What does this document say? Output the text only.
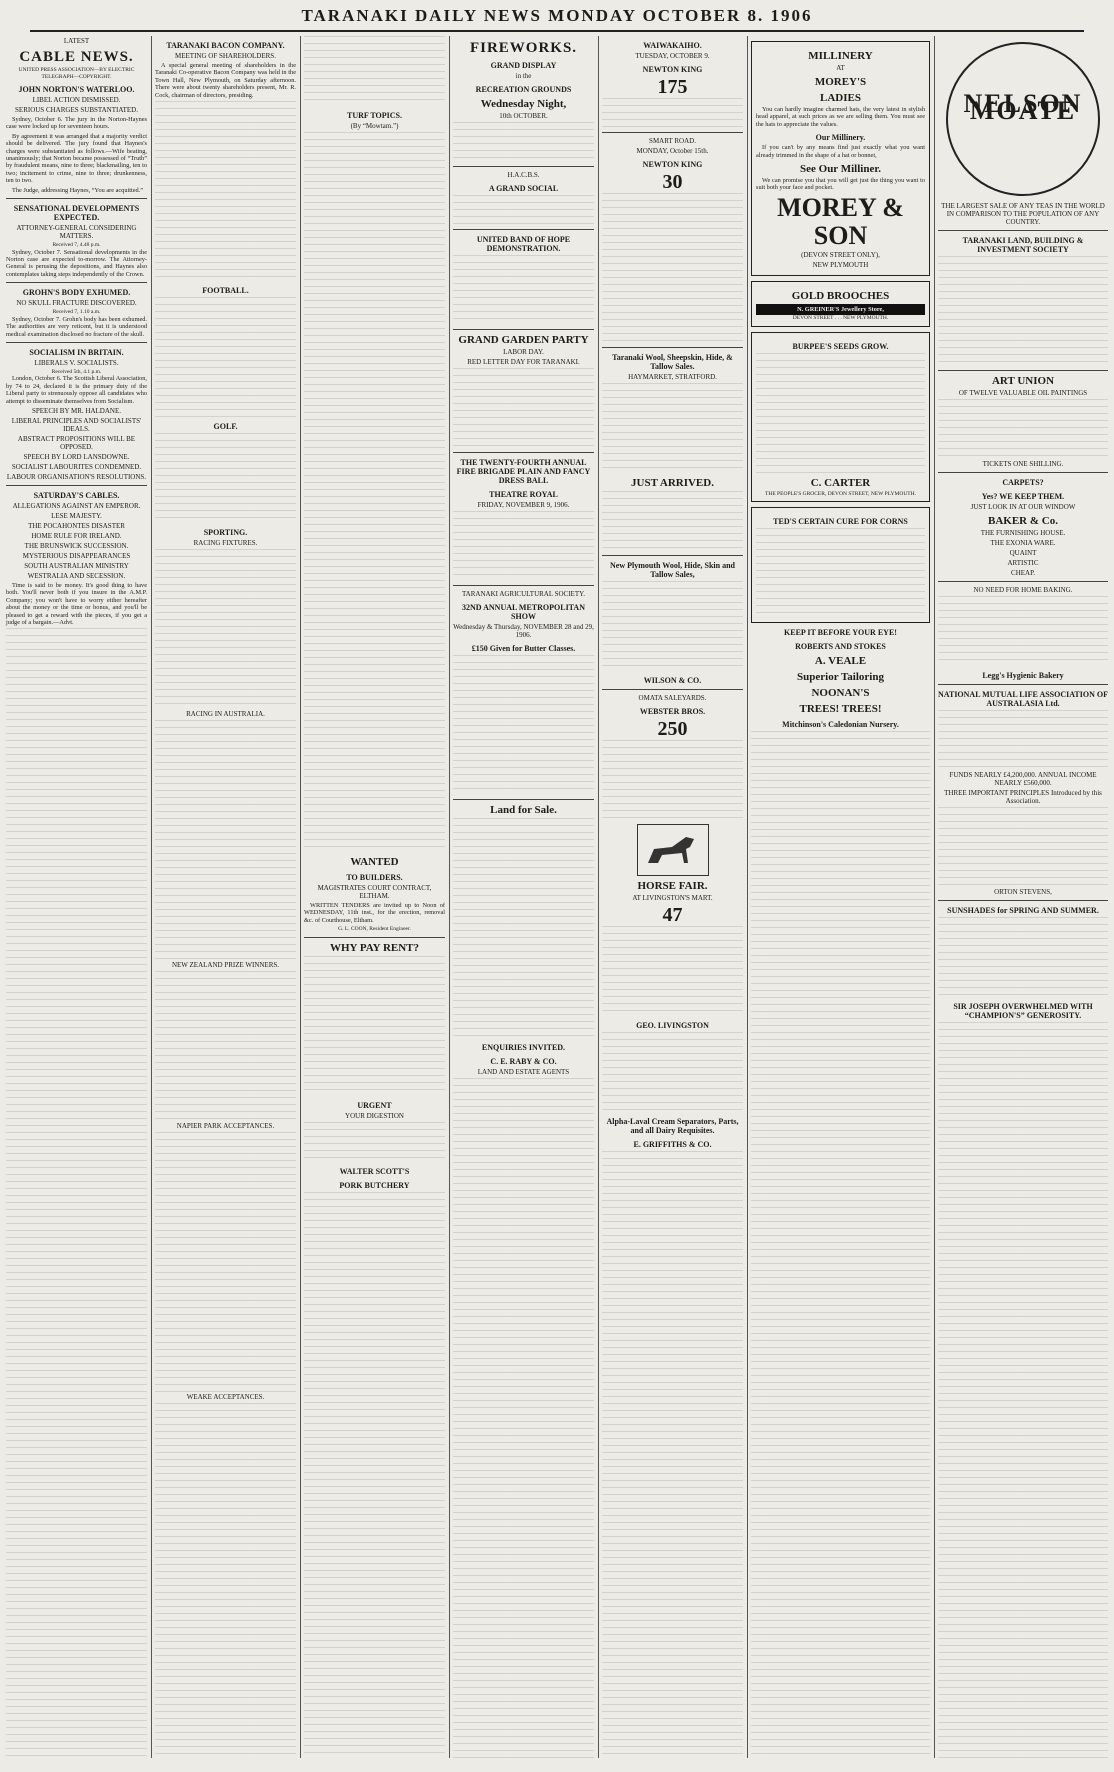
TARANAKI DAILY NEWS MONDAY OCTOBER 8. 1906
LATEST
CABLE NEWS.
UNITED PRESS ASSOCIATION—BY ELECTRIC TELEGRAPH—COPYRIGHT.
JOHN NORTON'S WATERLOO.
LIBEL ACTION DISMISSED.
SERIOUS CHARGES SUBSTANTIATED.

Sydney, October 6. The jury in the Norton-Haynes case were locked up for seventeen hours.

By agreement it was arranged that a majority verdict should be delivered. The jury found that Haynes's charges were substantiated as follows.—Wife beating, unanimously; that Norton became possessed of “Truth” by fraudulent means, nine to three; blackmailing, ten to two; incitement to crime, nine to three; drunkenness, ten to two.

The Judge, addressing Haynes, “You are acquitted.”

SENSATIONAL DEVELOPMENTS EXPECTED.
ATTORNEY-GENERAL CONSIDERING MATTERS.
Received 7, 4.48 p.m.

Sydney, October 7. Sensational developments in the Norton case are expected to-morrow. The Attorney-General is perusing the depositions, and Haynes also contemplates taking steps independently of the Crown.

GROHN'S BODY EXHUMED.
NO SKULL FRACTURE DISCOVERED.
Received 7, 1.10 a.m.

Sydney, October 7. Grohn's body has been exhumed. The authorities are very reticent, but it is understood medical examination disclosed no fracture of the skull.

SOCIALISM IN BRITAIN.
LIBERALS V. SOCIALISTS.
Received 5th, 4.1 p.m.

London, October 6. The Scottish Liberal Association, by 74 to 24, declared it is the primary duty of the Liberal party to strenuously oppose all candidates who attempt to disseminate themselves from Socialism.

SPEECH BY MR. HALDANE.
LIBERAL PRINCIPLES AND SOCIALISTS' IDEALS.
ABSTRACT PROPOSITIONS WILL BE OPPOSED.
SPEECH BY LORD LANSDOWNE.
SOCIALIST LABOURITES CONDEMNED.
LABOUR ORGANISATION'S RESOLUTIONS.
SATURDAY'S CABLES.
ALLEGATIONS AGAINST AN EMPEROR.
LESE MAJESTY.
THE POCAHONTES DISASTER
HOME RULE FOR IRELAND.
THE BRUNSWICK SUCCESSION.
MYSTERIOUS DISAPPEARANCES
SOUTH AUSTRALIAN MINISTRY
WESTRALIA AND SECESSION.

Time is said to be money. It's good thing to have both. You'll never both if you insure in the A.M.P. Company; you won't have to worry either hereafter about the money or the time or bonus, and you'll be pleased to get a reward with the pieces, if you get a judge of a bargain.—Advt.

TARANAKI BACON COMPANY.
MEETING OF SHAREHOLDERS.

A special general meeting of shareholders in the Taranaki Co-operative Bacon Company was held in the Town Hall, New Plymouth, on Saturday afternoon. There were about twenty shareholders present, Mr. R. Cock, chairman of directors, presiding.

FOOTBALL.
GOLF.
SPORTING.
RACING FIXTURES.
RACING IN AUSTRALIA.
NEW ZEALAND PRIZE WINNERS.
NAPIER PARK ACCEPTANCES.
WEAKE ACCEPTANCES.
TURF TOPICS.
(By “Mowtam.”)
WANTED
TO BUILDERS.
MAGISTRATES COURT CONTRACT, ELTHAM.

WRITTEN TENDERS are invited up to Noon of WEDNESDAY, 11th inst., for the erection, removal &c. of Courthouse, Eltham.

G. L. COON, Resident Engineer.
WHY PAY RENT?
URGENT
YOUR DIGESTION
WALTER SCOTT'S
PORK BUTCHERY
FIREWORKS.
GRAND DISPLAY
in the
RECREATION GROUNDS
Wednesday Night,
10th OCTOBER.
H.A.C.B.S.
A GRAND SOCIAL
UNITED BAND OF HOPE DEMONSTRATION.
GRAND GARDEN PARTY
LABOR DAY.
RED LETTER DAY FOR TARANAKI.
THE TWENTY-FOURTH ANNUAL FIRE BRIGADE PLAIN AND FANCY DRESS BALL
THEATRE ROYAL
FRIDAY, NOVEMBER 9, 1906.
TARANAKI AGRICULTURAL SOCIETY.
32ND ANNUAL METROPOLITAN SHOW
Wednesday & Thursday, NOVEMBER 28 and 29, 1906.
£150 Given for Butter Classes.
Land for Sale.
ENQUIRIES INVITED.
C. E. RABY & CO.
LAND AND ESTATE AGENTS
WAIWAKAIHO.
TUESDAY, OCTOBER 9.
NEWTON KING
175
SMART ROAD.
MONDAY, October 15th.
NEWTON KING
30
Taranaki Wool, Sheepskin, Hide, & Tallow Sales.
HAYMARKET, STRATFORD.
JUST ARRIVED.
New Plymouth Wool, Hide, Skin and Tallow Sales,
WILSON & CO.
OMATA SALEYARDS.
WEBSTER BROS.
250
HORSE FAIR.
AT LIVINGSTON'S MART.
47
GEO. LIVINGSTON
Alpha-Laval Cream Separators, Parts, and all Dairy Requisites.
E. GRIFFITHS & CO.
MILLINERY
AT
MOREY'S
LADIES

You can hardly imagine charmed hats, the very latest in stylish head apparel, at such prices as we are selling them. You must see the hats to appreciate the values.

Our Millinery.

If you can't by any means find just exactly what you want already trimmed in the shape of a hat or bonnet,

See Our Milliner.

We can promise you that you will get just the thing you want to suit both your face and pocket.

MOREY & SON
(DEVON STREET ONLY),
NEW PLYMOUTH
GOLD BROOCHES
N. GREINER'S Jewellery Store,
DEVON STREET . . . NEW PLYMOUTH.
BURPEE'S SEEDS GROW.
C. CARTER
THE PEOPLE'S GROCER, DEVON STREET, NEW PLYMOUTH.
TED'S CERTAIN CURE FOR CORNS
KEEP IT BEFORE YOUR EYE!
ROBERTS AND STOKES
A. VEALE
Superior Tailoring
NOONAN'S
TREES! TREES!
Mitchinson's Caledonian Nursery.
NELSON MOATE
THE LARGEST SALE OF ANY TEAS IN THE WORLD IN COMPARISON TO THE POPULATION OF ANY COUNTRY.
TARANAKI LAND, BUILDING & INVESTMENT SOCIETY
ART UNION
OF TWELVE VALUABLE OIL PAINTINGS
TICKETS ONE SHILLING.
CARPETS?
Yes? WE KEEP THEM.
JUST LOOK IN AT OUR WINDOW
BAKER & Co.
THE FURNISHING HOUSE.
THE EXONIA WARE.
QUAINT
ARTISTIC
CHEAP.
NO NEED FOR HOME BAKING.
Legg's Hygienic Bakery
NATIONAL MUTUAL LIFE ASSOCIATION OF AUSTRALASIA Ltd.
FUNDS NEARLY £4,200,000. ANNUAL INCOME NEARLY £560,000.
THREE IMPORTANT PRINCIPLES Introduced by this Association.
ORTON STEVENS,
SUNSHADES for SPRING AND SUMMER.
SIR JOSEPH OVERWHELMED WITH “CHAMPION'S” GENEROSITY.
